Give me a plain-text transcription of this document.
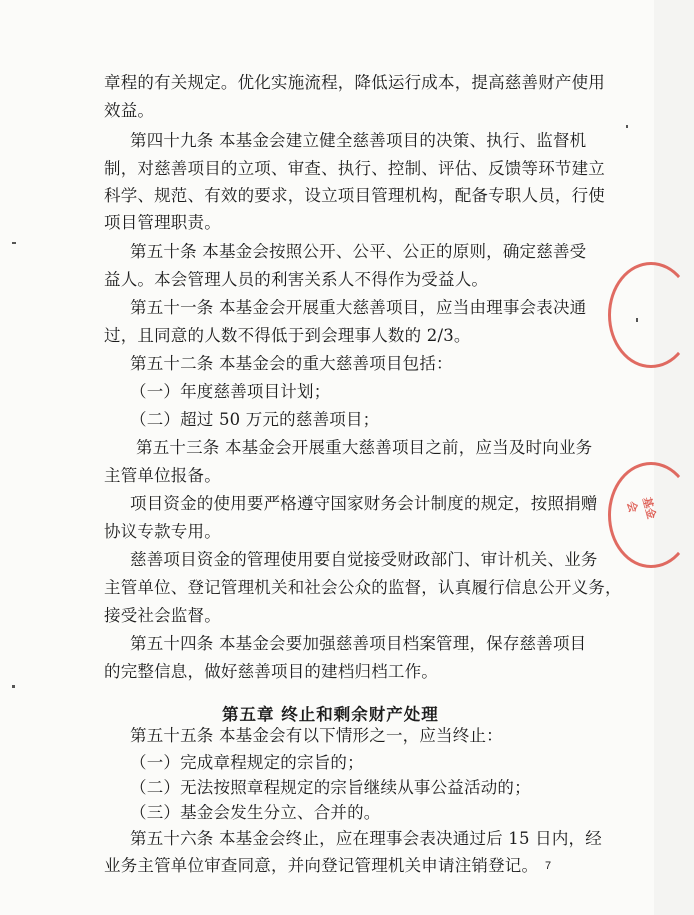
章程的有关规定。优化实施流程，降低运行成本，提高慈善财产使用
效益。
第四十九条 本基金会建立健全慈善项目的决策、执行、监督机
制，对慈善项目的立项、审查、执行、控制、评估、反馈等环节建立
科学、规范、有效的要求，设立项目管理机构，配备专职人员，行使
项目管理职责。
第五十条 本基金会按照公开、公平、公正的原则，确定慈善受
益人。本会管理人员的利害关系人不得作为受益人。
第五十一条 本基金会开展重大慈善项目，应当由理事会表决通
过，且同意的人数不得低于到会理事人数的 2/3。
第五十二条 本基金会的重大慈善项目包括：
（一）年度慈善项目计划；
（二）超过 50 万元的慈善项目；
第五十三条 本基金会开展重大慈善项目之前，应当及时向业务
主管单位报备。
项目资金的使用要严格遵守国家财务会计制度的规定，按照捐赠
协议专款专用。
慈善项目资金的管理使用要自觉接受财政部门、审计机关、业务
主管单位、登记管理机关和社会公众的监督，认真履行信息公开义务，
接受社会监督。
第五十四条 本基金会要加强慈善项目档案管理，保存慈善项目
的完整信息，做好慈善项目的建档归档工作。
第五章 终止和剩余财产处理
第五十五条 本基金会有以下情形之一，应当终止：
（一）完成章程规定的宗旨的；
（二）无法按照章程规定的宗旨继续从事公益活动的；
（三）基金会发生分立、合并的。
第五十六条 本基金会终止，应在理事会表决通过后 15 日内，经
业务主管单位审查同意，并向登记管理机关申请注销登记。 7
基金会
